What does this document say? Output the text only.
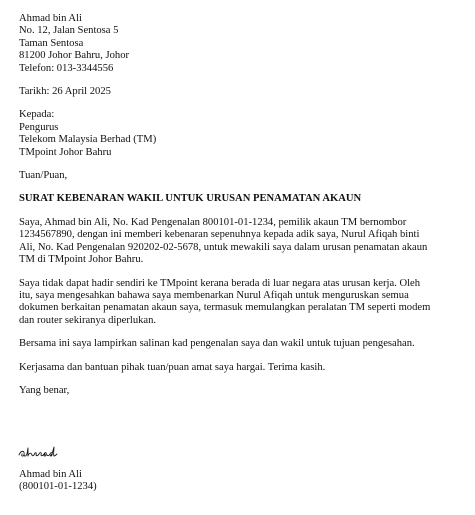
Ahmad bin Ali
No. 12, Jalan Sentosa 5
Taman Sentosa
81200 Johor Bahru, Johor
Telefon: 013-3344556
Tarikh: 26 April 2025
Kepada:
Pengurus
Telekom Malaysia Berhad (TM)
TMpoint Johor Bahru
Tuan/Puan,
SURAT KEBENARAN WAKIL UNTUK URUSAN PENAMATAN AKAUN
Saya, Ahmad bin Ali, No. Kad Pengenalan 800101-01-1234, pemilik akaun TM bernombor
1234567890, dengan ini memberi kebenaran sepenuhnya kepada adik saya, Nurul Afiqah binti
Ali, No. Kad Pengenalan 920202-02-5678, untuk mewakili saya dalam urusan penamatan akaun
TM di TMpoint Johor Bahru.
Saya tidak dapat hadir sendiri ke TMpoint kerana berada di luar negara atas urusan kerja. Oleh
itu, saya mengesahkan bahawa saya membenarkan Nurul Afiqah untuk menguruskan semua
dokumen berkaitan penamatan akaun saya, termasuk memulangkan peralatan TM seperti modem
dan router sekiranya diperlukan.
Bersama ini saya lampirkan salinan kad pengenalan saya dan wakil untuk tujuan pengesahan.
Kerjasama dan bantuan pihak tuan/puan amat saya hargai. Terima kasih.
Yang benar,
Ahmad bin Ali
(800101-01-1234)
